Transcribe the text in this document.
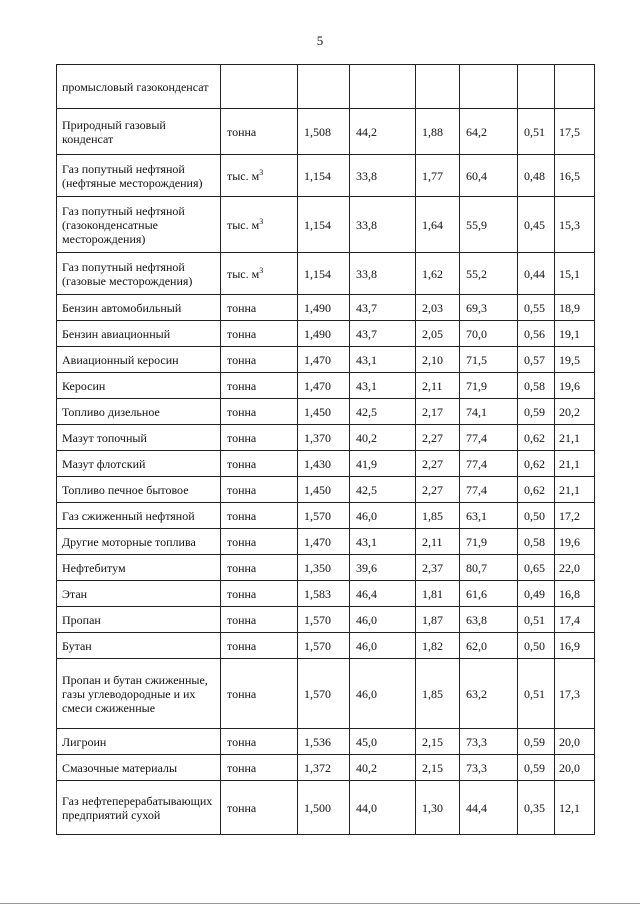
5
промысловый газоконденсат							
Природный газовый конденсат	тонна	1,508	44,2	1,88	64,2	0,51	17,5
Газ попутный нефтяной (нефтяные месторождения)	тыс. $м^3$	1,154	33,8	1,77	60,4	0,48	16,5
Газ попутный нефтяной (газоконденсатные месторождения)	тыс. $м^3$	1,154	33,8	1,64	55,9	0,45	15,3
Газ попутный нефтяной (газовые месторождения)	тыс. $м^3$	1,154	33,8	1,62	55,2	0,44	15,1
Бензин автомобильный	тонна	1,490	43,7	2,03	69,3	0,55	18,9
Бензин авиационный	тонна	1,490	43,7	2,05	70,0	0,56	19,1
Авиационный керосин	тонна	1,470	43,1	2,10	71,5	0,57	19,5
Керосин	тонна	1,470	43,1	2,11	71,9	0,58	19,6
Топливо дизельное	тонна	1,450	42,5	2,17	74,1	0,59	20,2
Мазут топочный	тонна	1,370	40,2	2,27	77,4	0,62	21,1
Мазут флотский	тонна	1,430	41,9	2,27	77,4	0,62	21,1
Топливо печное бытовое	тонна	1,450	42,5	2,27	77,4	0,62	21,1
Газ сжиженный нефтяной	тонна	1,570	46,0	1,85	63,1	0,50	17,2
Другие моторные топлива	тонна	1,470	43,1	2,11	71,9	0,58	19,6
Нефтебитум	тонна	1,350	39,6	2,37	80,7	0,65	22,0
Этан	тонна	1,583	46,4	1,81	61,6	0,49	16,8
Пропан	тонна	1,570	46,0	1,87	63,8	0,51	17,4
Бутан	тонна	1,570	46,0	1,82	62,0	0,50	16,9
Пропан и бутан сжиженные, газы углеводородные и их смеси сжиженные	тонна	1,570	46,0	1,85	63,2	0,51	17,3
Лигроин	тонна	1,536	45,0	2,15	73,3	0,59	20,0
Смазочные материалы	тонна	1,372	40,2	2,15	73,3	0,59	20,0
Газ нефтеперерабатывающих предприятий сухой	тонна	1,500	44,0	1,30	44,4	0,35	12,1
